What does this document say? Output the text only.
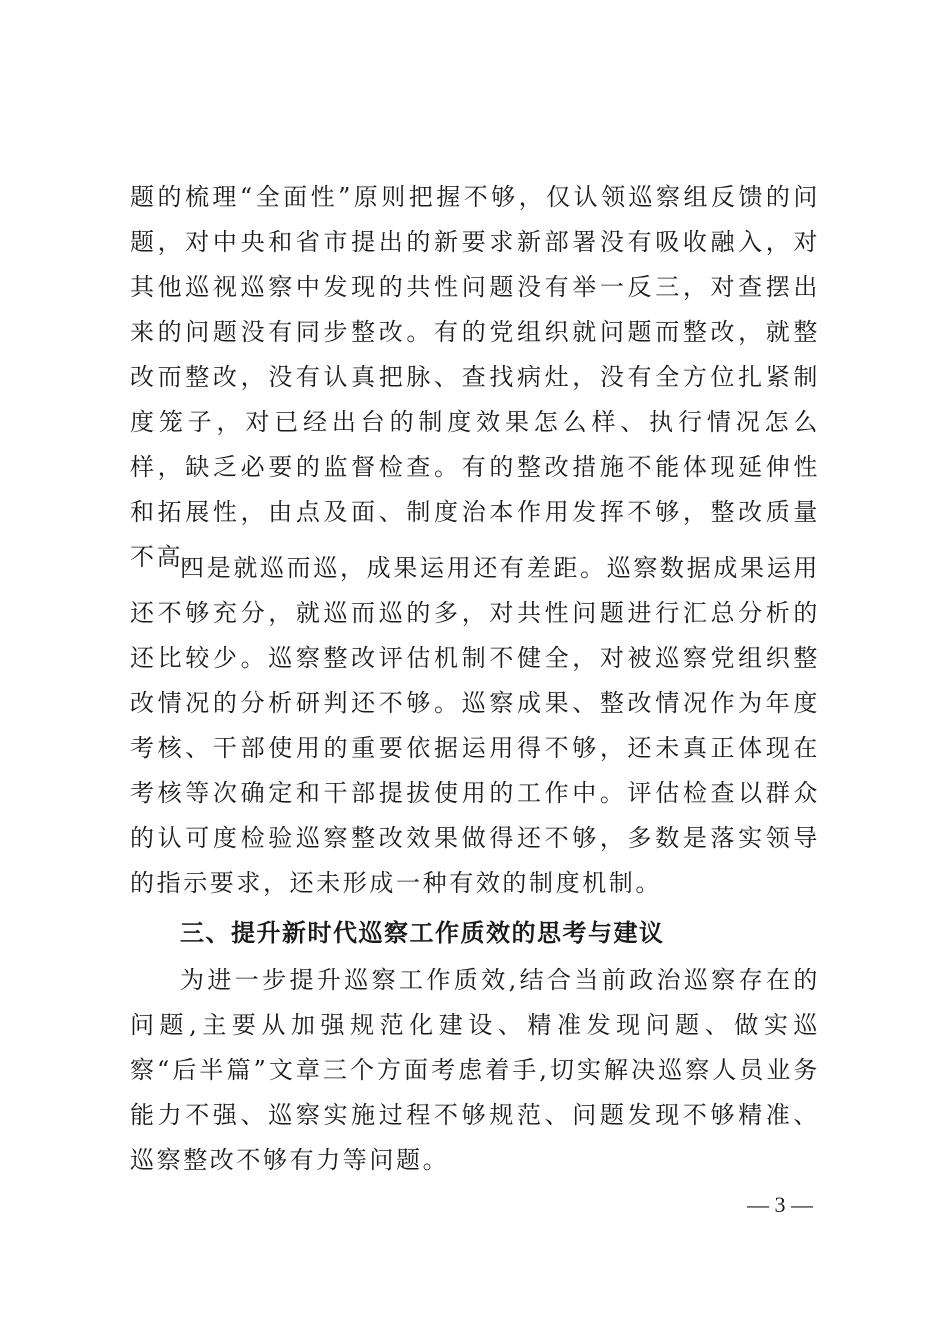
题的梳理“全面性”原则把握不够，仅认领巡察组反馈的问题，对中央和省市提出的新要求新部署没有吸收融入，对其他巡视巡察中发现的共性问题没有举一反三，对查摆出来的问题没有同步整改。有的党组织就问题而整改，就整改而整改，没有认真把脉、查找病灶，没有全方位扎紧制度笼子，对已经出台的制度效果怎么样、执行情况怎么样，缺乏必要的监督检查。有的整改措施不能体现延伸性和拓展性，由点及面、制度治本作用发挥不够，整改质量不高。

四是就巡而巡，成果运用还有差距。巡察数据成果运用还不够充分，就巡而巡的多，对共性问题进行汇总分析的还比较少。巡察整改评估机制不健全，对被巡察党组织整改情况的分析研判还不够。巡察成果、整改情况作为年度考核、干部使用的重要依据运用得不够，还未真正体现在考核等次确定和干部提拔使用的工作中。评估检查以群众的认可度检验巡察整改效果做得还不够，多数是落实领导的指示要求，还未形成一种有效的制度机制。

三、提升新时代巡察工作质效的思考与建议

为进一步提升巡察工作质效,结合当前政治巡察存在的问题,主要从加强规范化建设、精准发现问题、做实巡察“后半篇”文章三个方面考虑着手,切实解决巡察人员业务能力不强、巡察实施过程不够规范、问题发现不够精准、巡察整改不够有力等问题。

— 3 —
